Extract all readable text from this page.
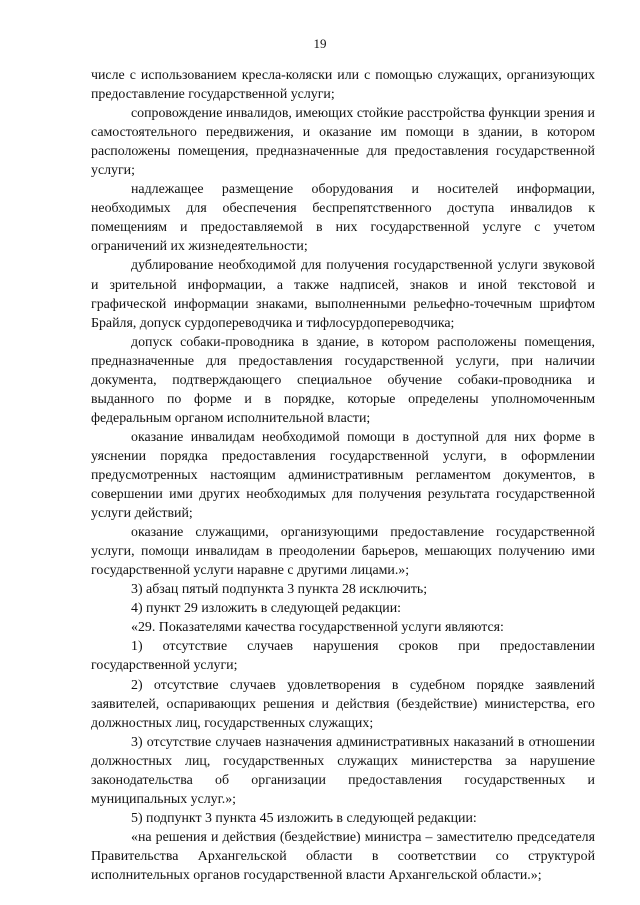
19

числе с использованием кресла-коляски или с помощью служащих, организующих предоставление государственной услуги;

сопровождение инвалидов, имеющих стойкие расстройства функции зрения и самостоятельного передвижения, и оказание им помощи в здании, в котором расположены помещения, предназначенные для предоставления государственной услуги;

надлежащее размещение оборудования и носителей информации, необходимых для обеспечения беспрепятственного доступа инвалидов к помещениям и предоставляемой в них государственной услуге с учетом ограничений их жизнедеятельности;

дублирование необходимой для получения государственной услуги звуковой и зрительной информации, а также надписей, знаков и иной текстовой и графической информации знаками, выполненными рельефно-точечным шрифтом Брайля, допуск сурдопереводчика и тифлосурдопереводчика;

допуск собаки-проводника в здание, в котором расположены помещения, предназначенные для предоставления государственной услуги, при наличии документа, подтверждающего специальное обучение собаки-проводника и выданного по форме и в порядке, которые определены уполномоченным федеральным органом исполнительной власти;

оказание инвалидам необходимой помощи в доступной для них форме в уяснении порядка предоставления государственной услуги, в оформлении предусмотренных настоящим административным регламентом документов, в совершении ими других необходимых для получения результата государственной услуги действий;

оказание служащими, организующими предоставление государственной услуги, помощи инвалидам в преодолении барьеров, мешающих получению ими государственной услуги наравне с другими лицами.»;

3) абзац пятый подпункта 3 пункта 28 исключить;

4) пункт 29 изложить в следующей редакции:

«29. Показателями качества государственной услуги являются:

1) отсутствие случаев нарушения сроков при предоставлении государственной услуги;

2) отсутствие случаев удовлетворения в судебном порядке заявлений заявителей, оспаривающих решения и действия (бездействие) министерства, его должностных лиц, государственных служащих;

3) отсутствие случаев назначения административных наказаний в отношении должностных лиц, государственных служащих министерства за нарушение законодательства об организации предоставления государственных и муниципальных услуг.»;

5) подпункт 3 пункта 45 изложить в следующей редакции:

«на решения и действия (бездействие) министра – заместителю председателя Правительства Архангельской области в соответствии со структурой исполнительных органов государственной власти Архангельской области.»;
